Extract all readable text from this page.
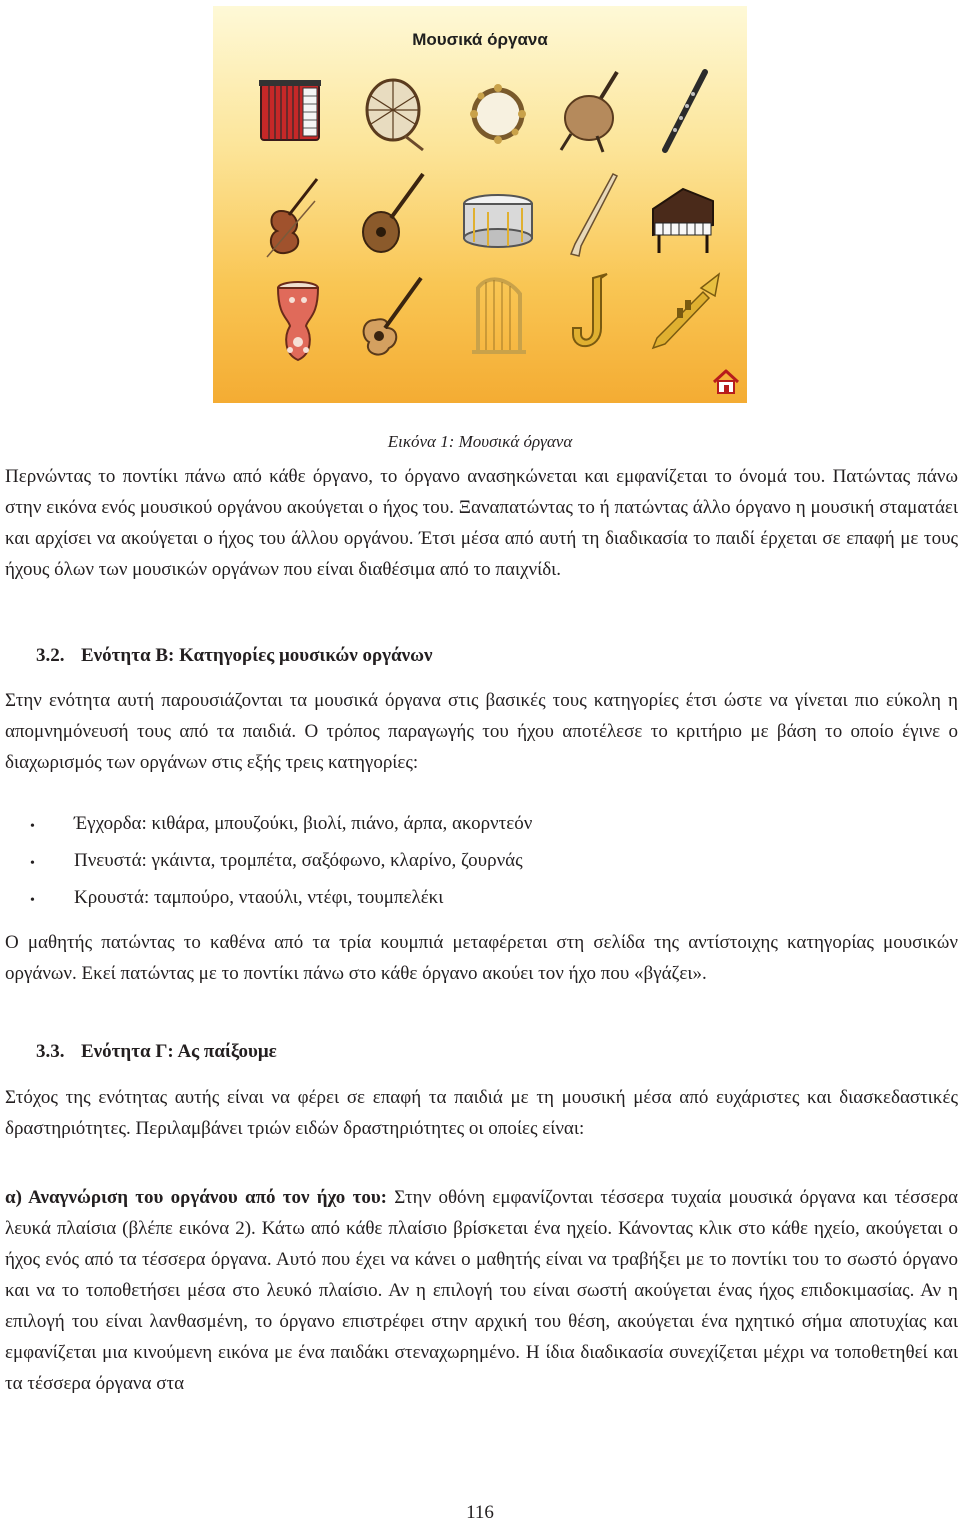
Μουσικά όργανα
Εικόνα 1: Μουσικά όργανα

Περνώντας το ποντίκι πάνω από κάθε όργανο, το όργανο ανασηκώνεται και εμφανίζεται το όνομά του. Πατώντας πάνω στην εικόνα ενός μουσικού οργάνου ακούγεται ο ήχος του. Ξαναπατώντας το ή πατώντας άλλο όργανο η μουσική σταματάει και αρχίσει να ακούγεται ο ήχος του άλλου οργάνου. Έτσι μέσα από αυτή τη διαδικασία το παιδί έρχεται σε επαφή με τους ήχους όλων των μουσικών οργάνων που είναι διαθέσιμα από το παιχνίδι.

3.2. Ενότητα Β: Κατηγορίες μουσικών οργάνων

Στην ενότητα αυτή παρουσιάζονται τα μουσικά όργανα στις βασικές τους κατηγορίες έτσι ώστε να γίνεται πιο εύκολη η απομνημόνευσή τους από τα παιδιά. Ο τρόπος παραγωγής του ήχου αποτέλεσε το κριτήριο με βάση το οποίο έγινε ο διαχωρισμός των οργάνων στις εξής τρεις κατηγορίες:

•	Έγχορδα: κιθάρα, μπουζούκι, βιολί, πιάνο, άρπα, ακορντεόν
•	Πνευστά: γκάιντα, τρομπέτα, σαξόφωνο, κλαρίνο, ζουρνάς
•	Κρουστά: ταμπούρο, νταούλι, ντέφι, τουμπελέκι

Ο μαθητής πατώντας το καθένα από τα τρία κουμπιά μεταφέρεται στη σελίδα της αντίστοιχης κατηγορίας μουσικών οργάνων. Εκεί πατώντας με το ποντίκι πάνω στο κάθε όργανο ακούει τον ήχο που «βγάζει».

3.3. Ενότητα Γ: Ας παίξουμε

Στόχος της ενότητας αυτής είναι να φέρει σε επαφή τα παιδιά με τη μουσική μέσα από ευχάριστες και διασκεδαστικές δραστηριότητες. Περιλαμβάνει τριών ειδών δραστηριότητες οι οποίες είναι:

α) Αναγνώριση του οργάνου από τον ήχο του: Στην οθόνη εμφανίζονται τέσσερα τυχαία μουσικά όργανα και τέσσερα λευκά πλαίσια (βλέπε εικόνα 2). Κάτω από κάθε πλαίσιο βρίσκεται ένα ηχείο. Κάνοντας κλικ στο κάθε ηχείο, ακούγεται ο ήχος ενός από τα τέσσερα όργανα. Αυτό που έχει να κάνει ο μαθητής είναι να τραβήξει με το ποντίκι του το σωστό όργανο και να το τοποθετήσει μέσα στο λευκό πλαίσιο. Αν η επιλογή του είναι σωστή ακούγεται ένας ήχος επιδοκιμασίας. Αν η επιλογή του είναι λανθασμένη, το όργανο επιστρέφει στην αρχική του θέση, ακούγεται ένα ηχητικό σήμα αποτυχίας και εμφανίζεται μια κινούμενη εικόνα με ένα παιδάκι στεναχωρημένο. Η ίδια διαδικασία συνεχίζεται μέχρι να τοποθετηθεί και τα τέσσερα όργανα στα

116
